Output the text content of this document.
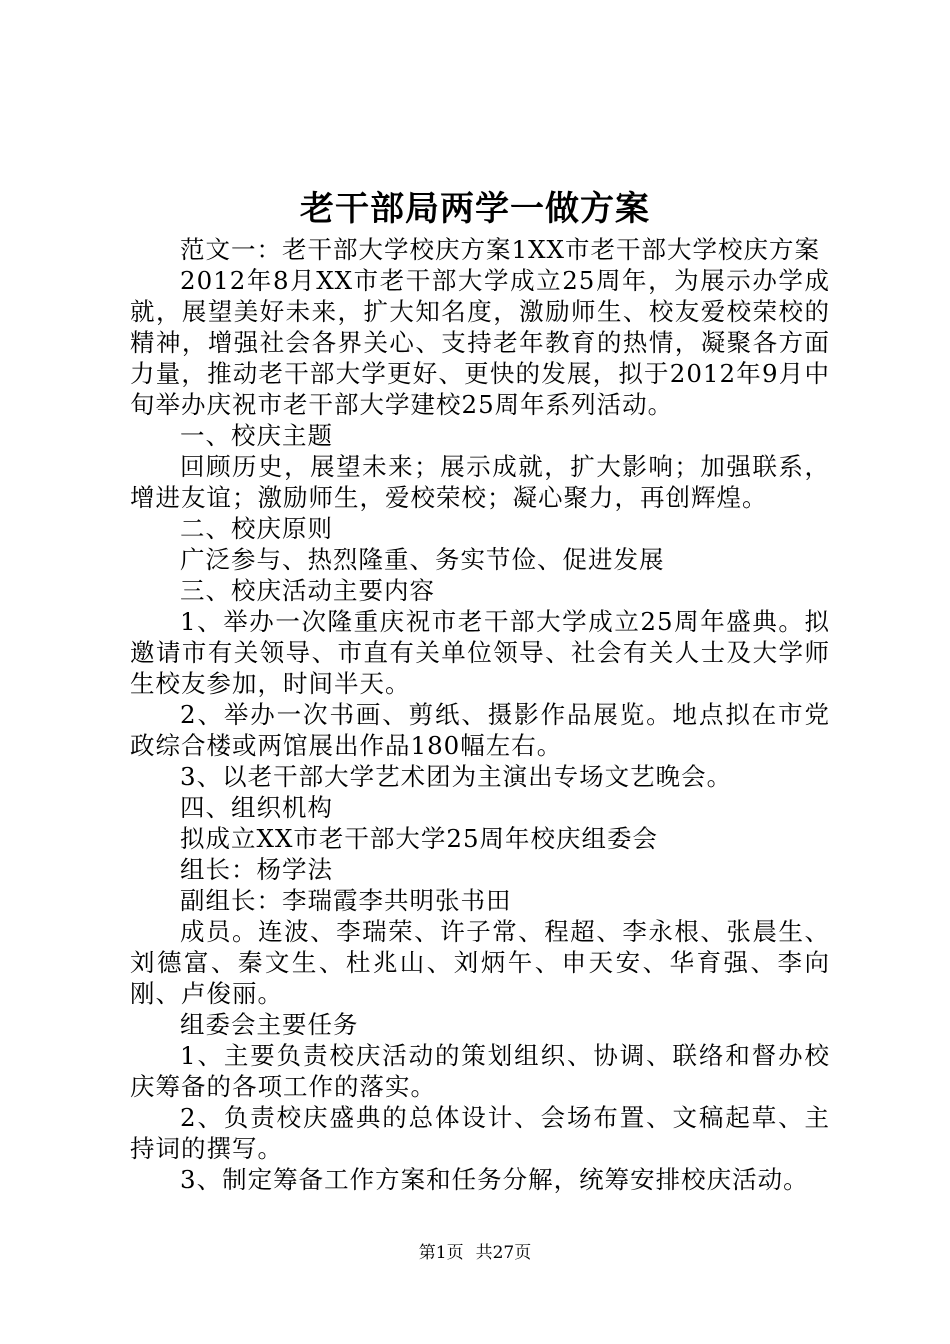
老干部局两学一做方案

范文一：老干部大学校庆方案1XX市老干部大学校庆方案

2012年8月XX市老干部大学成立25周年，为展示办学成就，展望美好未来，扩大知名度，激励师生、校友爱校荣校的精神，增强社会各界关心、支持老年教育的热情，凝聚各方面力量，推动老干部大学更好、更快的发展，拟于2012年9月中旬举办庆祝市老干部大学建校25周年系列活动。

一、校庆主题

回顾历史，展望未来；展示成就，扩大影响；加强联系，增进友谊；激励师生，爱校荣校；凝心聚力，再创辉煌。

二、校庆原则

广泛参与、热烈隆重、务实节俭、促进发展

三、校庆活动主要内容

1、举办一次隆重庆祝市老干部大学成立25周年盛典。拟邀请市有关领导、市直有关单位领导、社会有关人士及大学师生校友参加，时间半天。

2、举办一次书画、剪纸、摄影作品展览。地点拟在市党政综合楼或两馆展出作品180幅左右。

3、以老干部大学艺术团为主演出专场文艺晚会。

四、组织机构

拟成立XX市老干部大学25周年校庆组委会

组长：杨学法

副组长：李瑞霞李共明张书田

成员。连波、李瑞荣、许子常、程超、李永根、张晨生、刘德富、秦文生、杜兆山、刘炳午、申天安、华育强、李向刚、卢俊丽。

组委会主要任务

1、主要负责校庆活动的策划组织、协调、联络和督办校庆筹备的各项工作的落实。

2、负责校庆盛典的总体设计、会场布置、文稿起草、主持词的撰写。

3、制定筹备工作方案和任务分解，统筹安排校庆活动。

第1页 共27页
